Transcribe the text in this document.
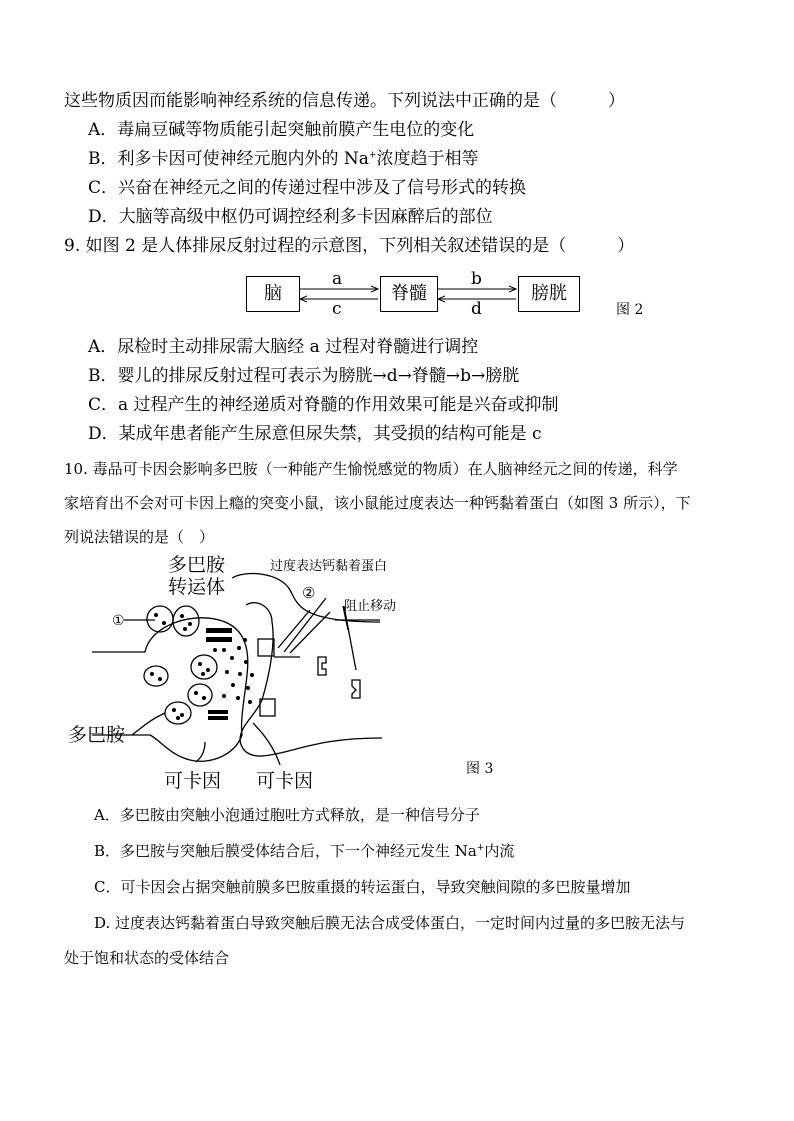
这些物质因而能影响神经系统的信息传递。下列说法中正确的是（　　　）
A．毒扁豆碱等物质能引起突触前膜产生电位的变化
B．利多卡因可使神经元胞内外的 Na+浓度趋于相等
C．兴奋在神经元之间的传递过程中涉及了信号形式的转换
D．大脑等高级中枢仍可调控经利多卡因麻醉后的部位
9. 如图 2 是人体排尿反射过程的示意图，下列相关叙述错误的是（　　　）
脑	脊髓	膀胱
a
c
b
d	图 2
A．尿检时主动排尿需大脑经 a 过程对脊髓进行调控
B．婴儿的排尿反射过程可表示为膀胱→d→脊髓→b→膀胱
C．a 过程产生的神经递质对脊髓的作用效果可能是兴奋或抑制
D．某成年患者能产生尿意但尿失禁，其受损的结构可能是 c
10. 毒品可卡因会影响多巴胺（一种能产生愉悦感觉的物质）在人脑神经元之间的传递，科学
家培育出不会对可卡因上瘾的突变小鼠，该小鼠能过度表达一种钙黏着蛋白（如图 3 所示），下
列说法错误的是（　）
多巴胺
转运体
过度表达钙黏着蛋白
②
阻止移动
①
多巴胺
可卡因 可卡因
图 3
A．多巴胺由突触小泡通过胞吐方式释放，是一种信号分子
B．多巴胺与突触后膜受体结合后，下一个神经元发生 Na+内流
C．可卡因会占据突触前膜多巴胺重摄的转运蛋白，导致突触间隙的多巴胺量增加
D. 过度表达钙黏着蛋白导致突触后膜无法合成受体蛋白，一定时间内过量的多巴胺无法与
处于饱和状态的受体结合
